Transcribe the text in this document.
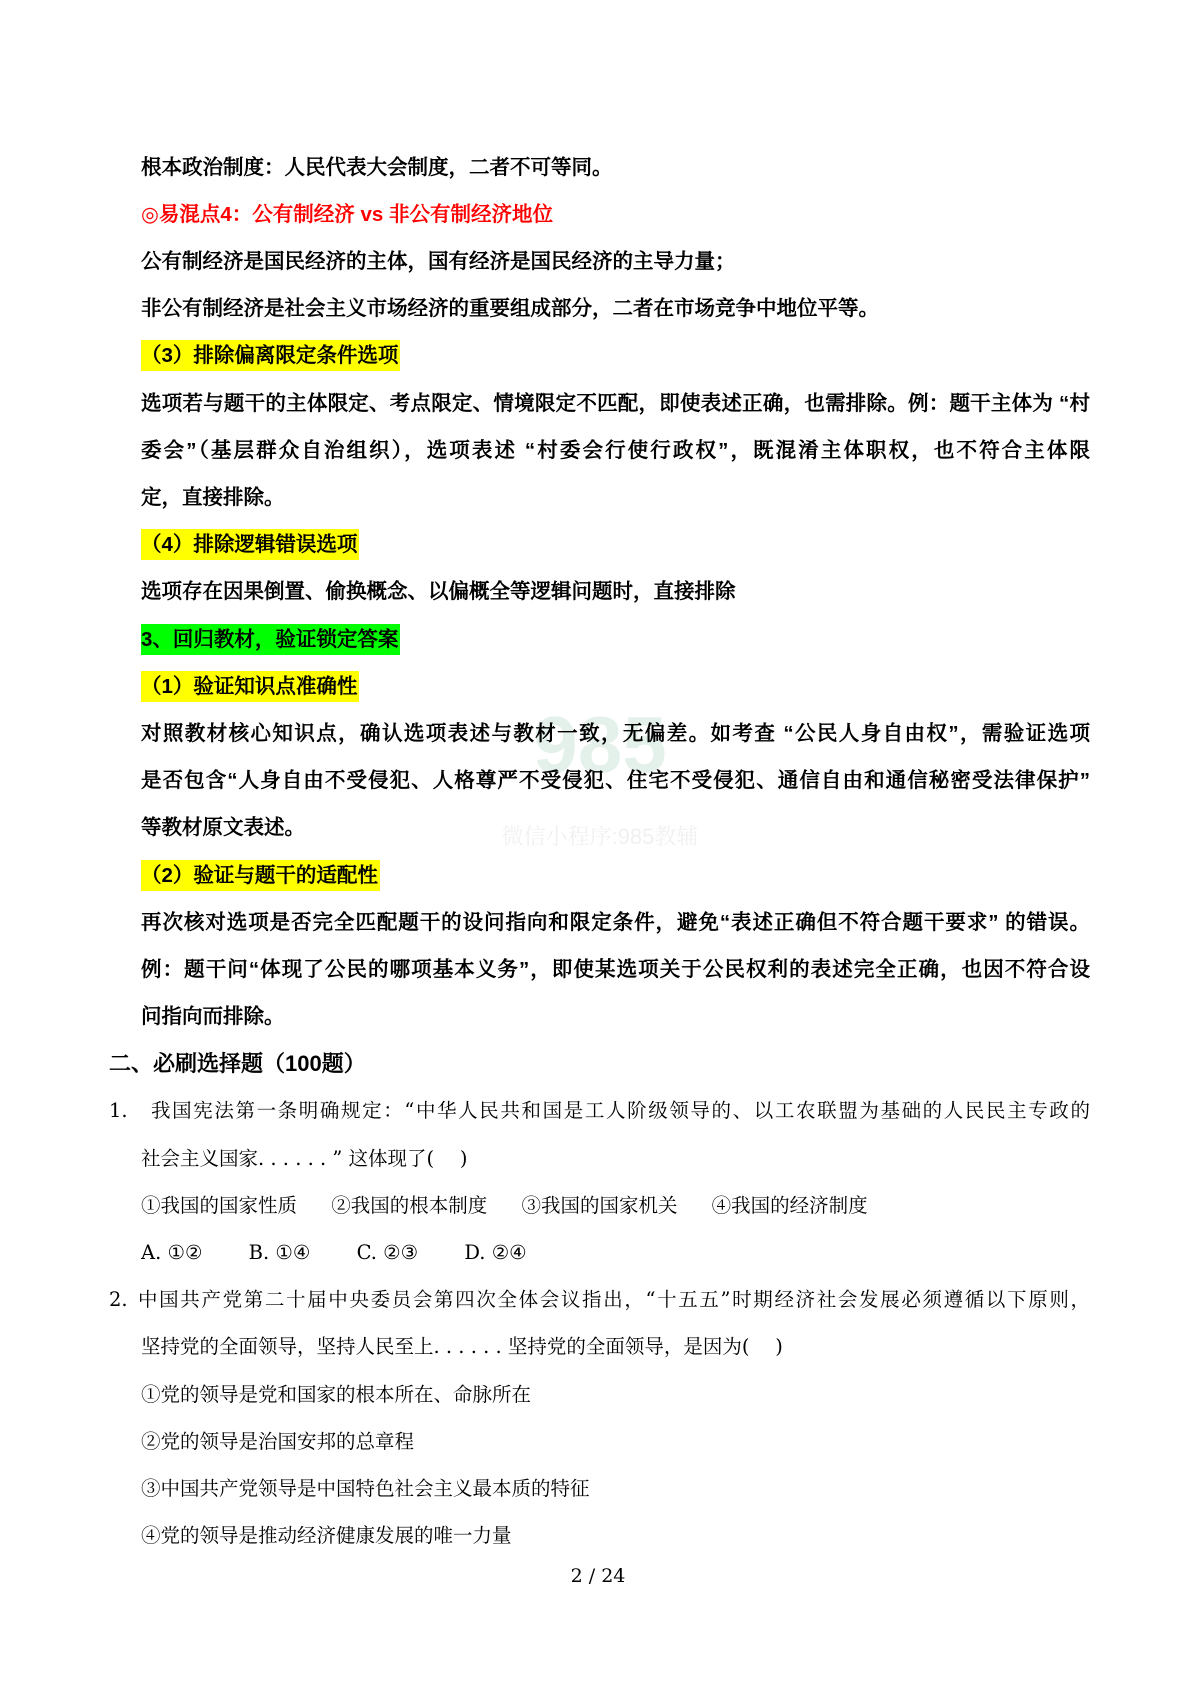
985
微信小程序:985教辅
根本政治制度：人民代表大会制度，二者不可等同。
◎易混点4：公有制经济 vs 非公有制经济地位
公有制经济是国民经济的主体，国有经济是国民经济的主导力量；
非公有制经济是社会主义市场经济的重要组成部分，二者在市场竞争中地位平等。
（3）排除偏离限定条件选项
选项若与题干的主体限定、考点限定、情境限定不匹配，即使表述正确，也需排除。例：题干主体为 “村
委会”（基层群众自治组织），选项表述 “村委会行使行政权”，既混淆主体职权，也不符合主体限
定，直接排除。
（4）排除逻辑错误选项
选项存在因果倒置、偷换概念、以偏概全等逻辑问题时，直接排除
3、回归教材，验证锁定答案
（1）验证知识点准确性
对照教材核心知识点，确认选项表述与教材一致，无偏差。如考查 “公民人身自由权”，需验证选项
是否包含“人身自由不受侵犯、人格尊严不受侵犯、住宅不受侵犯、通信自由和通信秘密受法律保护”
等教材原文表述。
（2）验证与题干的适配性
再次核对选项是否完全匹配题干的设问指向和限定条件，避免“表述正确但不符合题干要求” 的错误。
例：题干问“体现了公民的哪项基本义务”，即使某选项关于公民权利的表述完全正确，也因不符合设
问指向而排除。
二、必刷选择题（100题）
1. 我国宪法第一条明确规定：“中华人民共和国是工人阶级领导的、以工农联盟为基础的人民民主专政的
社会主义国家. . . . . . ” 这体现了(　 )
①我国的国家性质 ②我国的根本制度 ③我国的国家机关 ④我国的经济制度
A. ①② B. ①④ C. ②③ D. ②④
2. 中国共产党第二十届中央委员会第四次全体会议指出，“十五五”时期经济社会发展必须遵循以下原则，
坚持党的全面领导，坚持人民至上. . . . . . 坚持党的全面领导，是因为(　 )
①党的领导是党和国家的根本所在、命脉所在
②党的领导是治国安邦的总章程
③中国共产党领导是中国特色社会主义最本质的特征
④党的领导是推动经济健康发展的唯一力量
2 / 24
